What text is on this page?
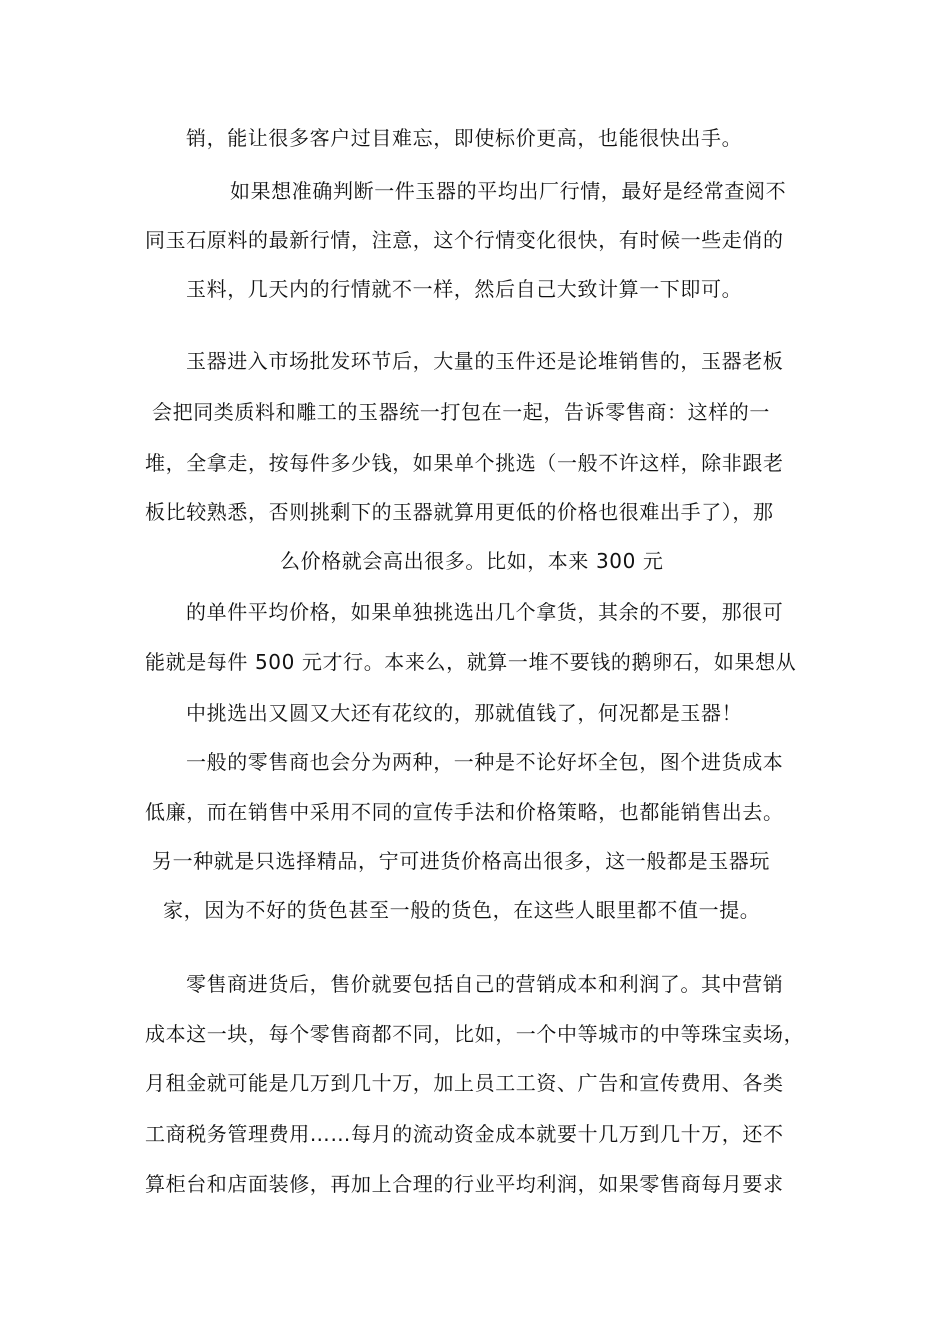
销，能让很多客户过目难忘，即使标价更高，也能很快出手。
如果想准确判断一件玉器的平均出厂行情，最好是经常查阅不
同玉石原料的最新行情，注意，这个行情变化很快，有时候一些走俏的
玉料，几天内的行情就不一样，然后自己大致计算一下即可。
玉器进入市场批发环节后，大量的玉件还是论堆销售的，玉器老板
会把同类质料和雕工的玉器统一打包在一起，告诉零售商：这样的一
堆，全拿走，按每件多少钱，如果单个挑选（一般不许这样，除非跟老
板比较熟悉，否则挑剩下的玉器就算用更低的价格也很难出手了），那
么价格就会高出很多。比如，本来 300 元
的单件平均价格，如果单独挑选出几个拿货，其余的不要，那很可
能就是每件 500 元才行。本来么，就算一堆不要钱的鹅卵石，如果想从
中挑选出又圆又大还有花纹的，那就值钱了，何况都是玉器！
一般的零售商也会分为两种，一种是不论好坏全包，图个进货成本
低廉，而在销售中采用不同的宣传手法和价格策略，也都能销售出去。
另一种就是只选择精品，宁可进货价格高出很多，这一般都是玉器玩
家，因为不好的货色甚至一般的货色，在这些人眼里都不值一提。
零售商进货后，售价就要包括自己的营销成本和利润了。其中营销
成本这一块，每个零售商都不同，比如，一个中等城市的中等珠宝卖场，
月租金就可能是几万到几十万，加上员工工资、广告和宣传费用、各类
工商税务管理费用……每月的流动资金成本就要十几万到几十万，还不
算柜台和店面装修，再加上合理的行业平均利润，如果零售商每月要求
